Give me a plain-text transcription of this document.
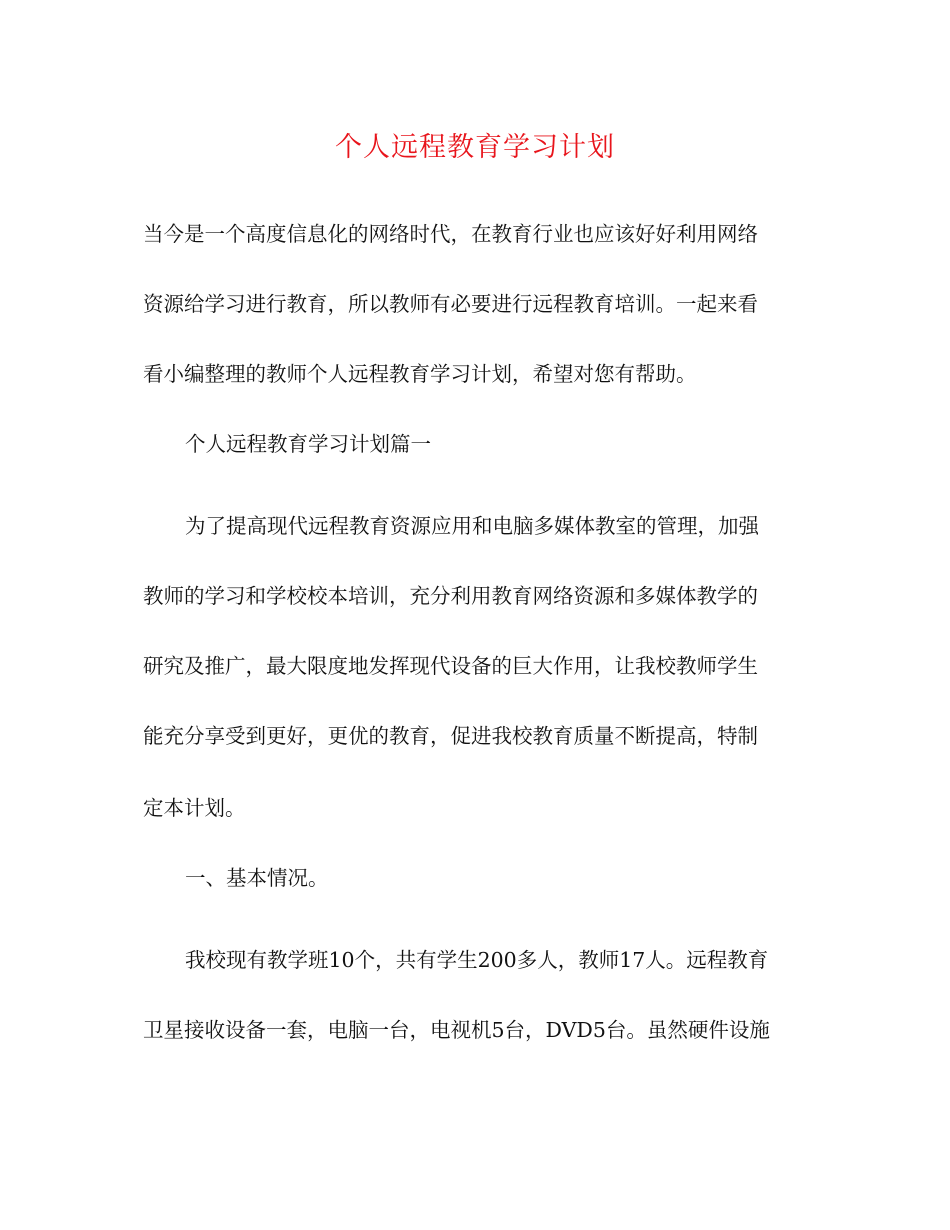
个人远程教育学习计划

当今是一个高度信息化的网络时代，在教育行业也应该好好利用网络

资源给学习进行教育，所以教师有必要进行远程教育培训。一起来看

看小编整理的教师个人远程教育学习计划，希望对您有帮助。

个人远程教育学习计划篇一

为了提高现代远程教育资源应用和电脑多媒体教室的管理，加强

教师的学习和学校校本培训，充分利用教育网络资源和多媒体教学的

研究及推广，最大限度地发挥现代设备的巨大作用，让我校教师学生

能充分享受到更好，更优的教育，促进我校教育质量不断提高，特制

定本计划。

一、基本情况。

我校现有教学班10个，共有学生200多人，教师17人。远程教育

卫星接收设备一套，电脑一台，电视机5台，DVD5台。虽然硬件设施
